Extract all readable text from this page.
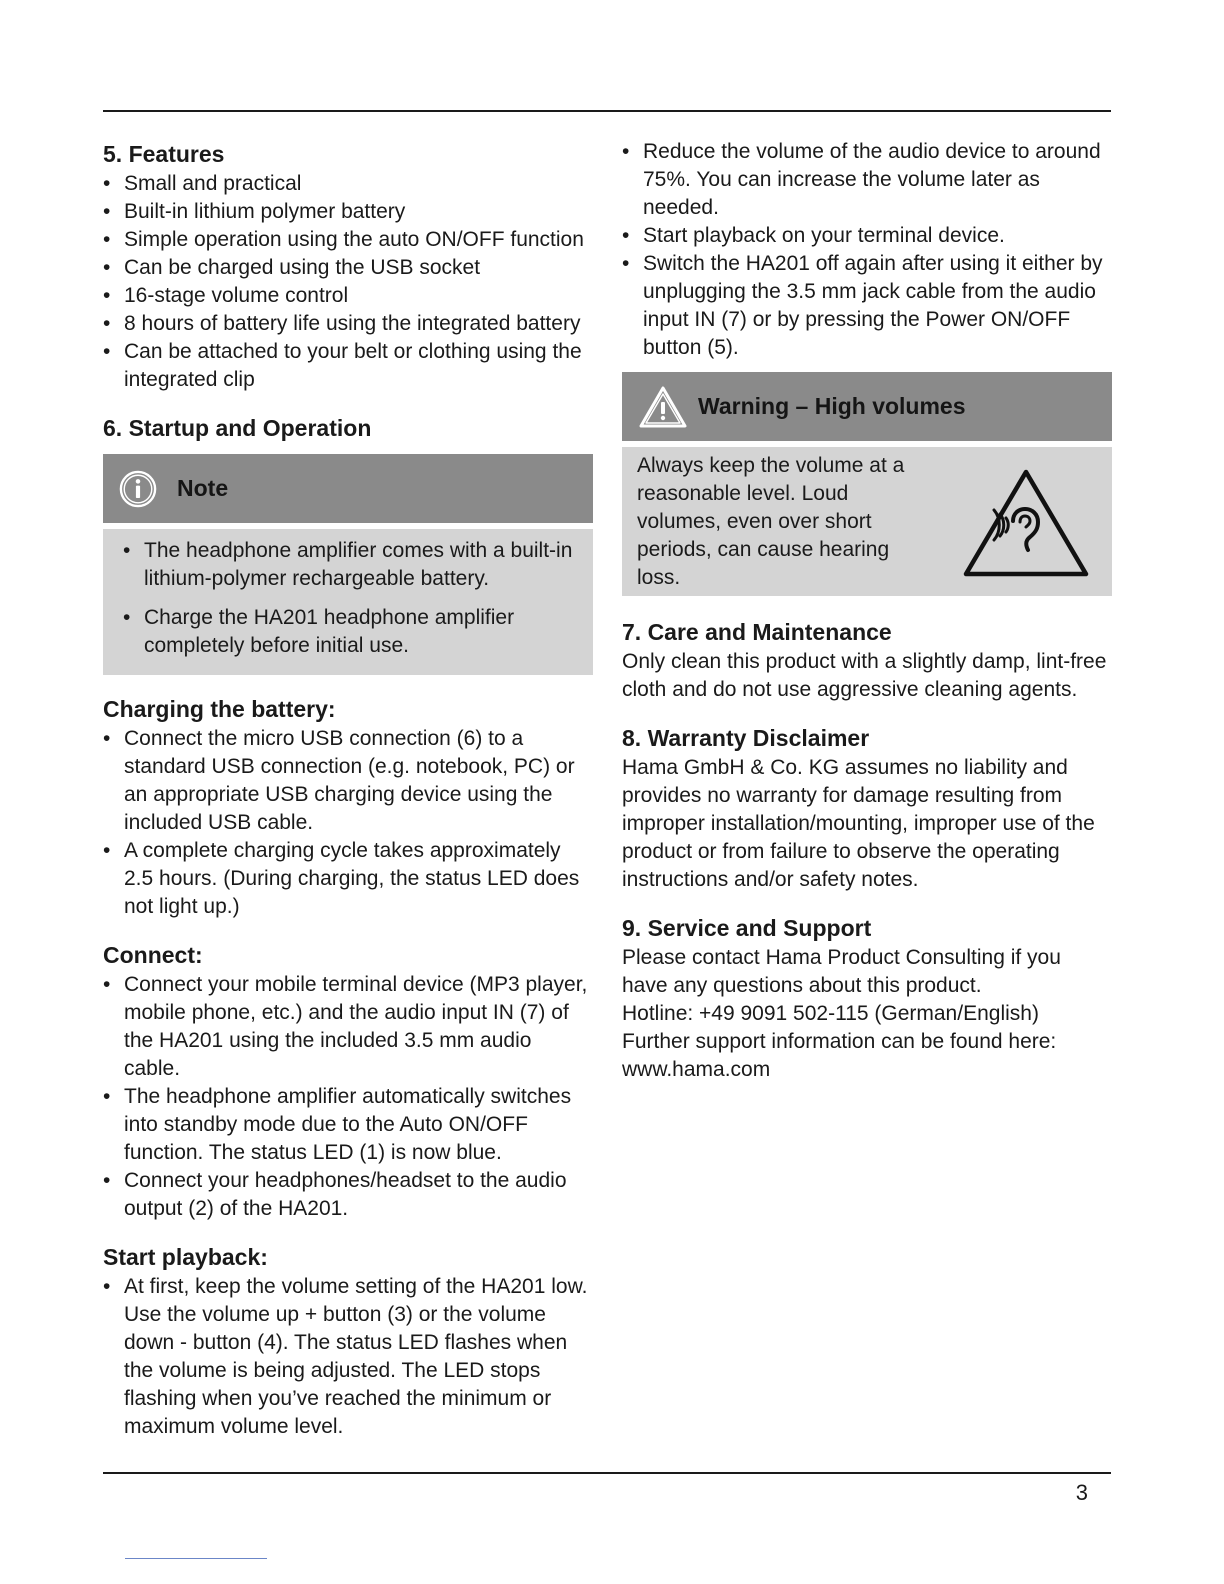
5. Features
• Small and practical
• Built-in lithium polymer battery
• Simple operation using the auto ON/OFF function
• Can be charged using the USB socket
• 16-stage volume control
• 8 hours of battery life using the integrated battery
• Can be attached to your belt or clothing using the integrated clip
6. Startup and Operation
Note
• The headphone amplifier comes with a built-in lithium-polymer rechargeable battery.
• Charge the HA201 headphone amplifier completely before initial use.
Charging the battery:
• Connect the micro USB connection (6) to a standard USB connection (e.g. notebook, PC) or an appropriate USB charging device using the included USB cable.
• A complete charging cycle takes approximately 2.5 hours. (During charging, the status LED does not light up.)
Connect:
• Connect your mobile terminal device (MP3 player, mobile phone, etc.) and the audio input IN (7) of the HA201 using the included 3.5 mm audio cable.
• The headphone amplifier automatically switches into standby mode due to the Auto ON/OFF function. The status LED (1) is now blue.
• Connect your headphones/headset to the audio output (2) of the HA201.
Start playback:
• At first, keep the volume setting of the HA201 low. Use the volume up + button (3) or the volume down - button (4). The status LED flashes when the volume is being adjusted. The LED stops flashing when you’ve reached the minimum or maximum volume level.
• Reduce the volume of the audio device to around 75%. You can increase the volume later as needed.
• Start playback on your terminal device.
• Switch the HA201 off again after using it either by unplugging the 3.5 mm jack cable from the audio input IN (7) or by pressing the Power ON/OFF button (5).
Warning – High volumes

Always keep the volume at a reasonable level. Loud volumes, even over short periods, can cause hearing loss.

7. Care and Maintenance

Only clean this product with a slightly damp, lint-free cloth and do not use aggressive cleaning agents.

8. Warranty Disclaimer

Hama GmbH & Co. KG assumes no liability and provides no warranty for damage resulting from improper installation/mounting, improper use of the product or from failure to observe the operating instructions and/or safety notes.

9. Service and Support

Please contact Hama Product Consulting if you have any questions about this product.

Hotline: +49 9091 502-115 (German/English)

Further support information can be found here:

www.hama.com

3
